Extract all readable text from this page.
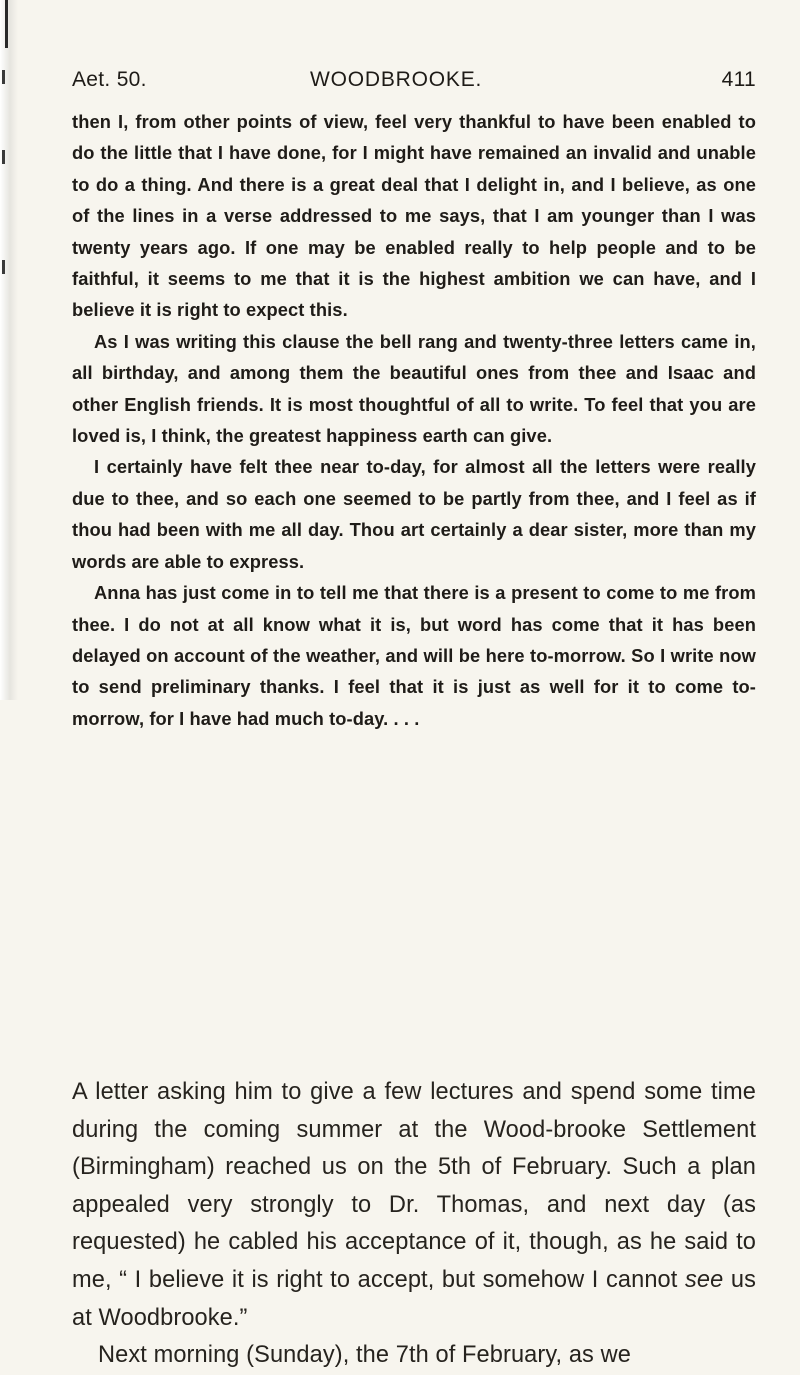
Aet. 50.	WOODBROOKE.	411

then I, from other points of view, feel very thankful to have been enabled to do the little that I have done, for I might have remained an invalid and unable to do a thing. And there is a great deal that I delight in, and I believe, as one of the lines in a verse addressed to me says, that I am younger than I was twenty years ago. If one may be enabled really to help people and to be faithful, it seems to me that it is the highest ambition we can have, and I believe it is right to expect this.

As I was writing this clause the bell rang and twenty-three letters came in, all birthday, and among them the beautiful ones from thee and Isaac and other English friends. It is most thoughtful of all to write. To feel that you are loved is, I think, the greatest happiness earth can give.

I certainly have felt thee near to-day, for almost all the letters were really due to thee, and so each one seemed to be partly from thee, and I feel as if thou had been with me all day. Thou art certainly a dear sister, more than my words are able to express.

Anna has just come in to tell me that there is a present to come to me from thee. I do not at all know what it is, but word has come that it has been delayed on account of the weather, and will be here to-morrow. So I write now to send preliminary thanks. I feel that it is just as well for it to come to-morrow, for I have had much to-day. . . .

A letter asking him to give a few lectures and spend some time during the coming summer at the Wood-brooke Settlement (Birmingham) reached us on the 5th of February. Such a plan appealed very strongly to Dr. Thomas, and next day (as requested) he cabled his acceptance of it, though, as he said to me, “ I believe it is right to accept, but somehow I cannot see us at Woodbrooke.”

Next morning (Sunday), the 7th of February, as we
